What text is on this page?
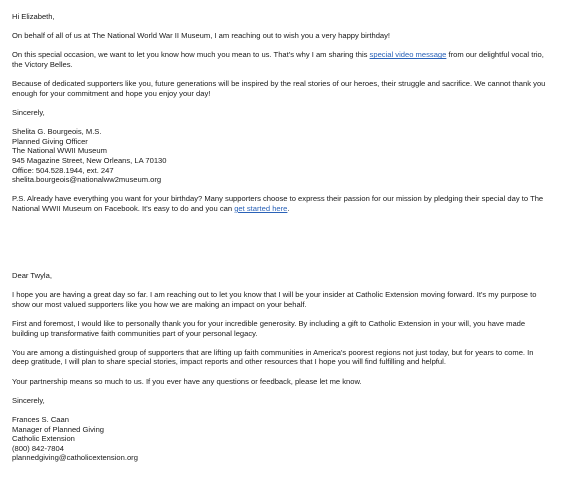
Hi Elizabeth,

On behalf of all of us at The National World War II Museum, I am reaching out to wish you a very happy birthday!

On this special occasion, we want to let you know how much you mean to us. That's why I am sharing this special video message from our delightful vocal trio, the Victory Belles.

Because of dedicated supporters like you, future generations will be inspired by the real stories of our heroes, their struggle and sacrifice. We cannot thank you enough for your commitment and hope you enjoy your day!

Sincerely,

Shelita G. Bourgeois, M.S.

Planned Giving Officer

The National WWII Museum

945 Magazine Street, New Orleans, LA 70130

Office: 504.528.1944, ext. 247

shelita.bourgeois@nationalww2museum.org

P.S. Already have everything you want for your birthday? Many supporters choose to express their passion for our mission by pledging their special day to The National WWII Museum on Facebook. It's easy to do and you can get started here.

Dear Twyla,

I hope you are having a great day so far. I am reaching out to let you know that I will be your insider at Catholic Extension moving forward. It's my purpose to show our most valued supporters like you how we are making an impact on your behalf.

First and foremost, I would like to personally thank you for your incredible generosity. By including a gift to Catholic Extension in your will, you have made building up transformative faith communities part of your personal legacy.

You are among a distinguished group of supporters that are lifting up faith communities in America's poorest regions not just today, but for years to come. In deep gratitude, I will plan to share special stories, impact reports and other resources that I hope you will find fulfilling and helpful.

Your partnership means so much to us. If you ever have any questions or feedback, please let me know.

Sincerely,

Frances S. Caan

Manager of Planned Giving

Catholic Extension

(800) 842-7804

plannedgiving@catholicextension.org
